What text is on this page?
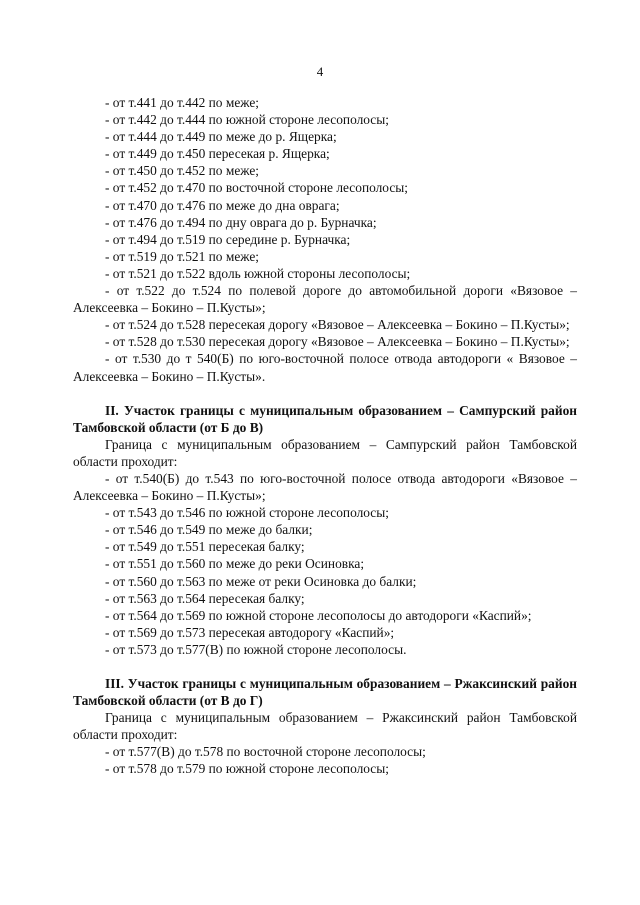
4
- от т.441 до т.442 по меже;
- от т.442 до т.444 по южной стороне лесополосы;
- от т.444 до т.449 по меже до р. Ящерка;
- от т.449 до т.450 пересекая р. Ящерка;
- от т.450 до т.452 по меже;
- от т.452 до т.470 по восточной стороне лесополосы;
- от т.470 до т.476 по меже до дна оврага;
- от т.476 до т.494 по дну оврага до р. Бурначка;
- от т.494 до т.519 по середине р. Бурначка;
- от т.519 до т.521 по меже;
- от т.521 до т.522 вдоль южной стороны лесополосы;
- от т.522 до т.524 по полевой дороге до автомобильной дороги «Вязовое – Алексеевка – Бокино – П.Кусты»;
- от т.524 до т.528 пересекая дорогу «Вязовое – Алексеевка – Бокино – П.Кусты»;
- от т.528 до т.530 пересекая дорогу «Вязовое – Алексеевка – Бокино – П.Кусты»;
- от т.530 до т 540(Б) по юго-восточной полосе отвода автодороги « Вязовое – Алексеевка – Бокино – П.Кусты».
II. Участок границы с муниципальным образованием – Сампурский район Тамбовской области (от Б до В)
Граница с муниципальным образованием – Сампурский район Тамбовской области проходит:
- от т.540(Б) до т.543 по юго-восточной полосе отвода автодороги «Вязовое – Алексеевка – Бокино – П.Кусты»;
- от т.543 до т.546 по южной стороне лесополосы;
- от т.546 до т.549 по меже до балки;
- от т.549 до т.551 пересекая балку;
- от т.551 до т.560 по меже до реки Осиновка;
- от т.560 до т.563 по меже от реки Осиновка до балки;
- от т.563 до т.564 пересекая балку;
- от т.564 до т.569 по южной стороне лесополосы до автодороги «Каспий»;
- от т.569 до т.573 пересекая автодорогу «Каспий»;
- от т.573 до т.577(В) по южной стороне лесополосы.
III. Участок границы с муниципальным образованием – Ржаксинский район Тамбовской области (от В до Г)
Граница с муниципальным образованием – Ржаксинский район Тамбовской области проходит:
- от т.577(В) до т.578 по восточной стороне лесополосы;
- от т.578 до т.579 по южной стороне лесополосы;
